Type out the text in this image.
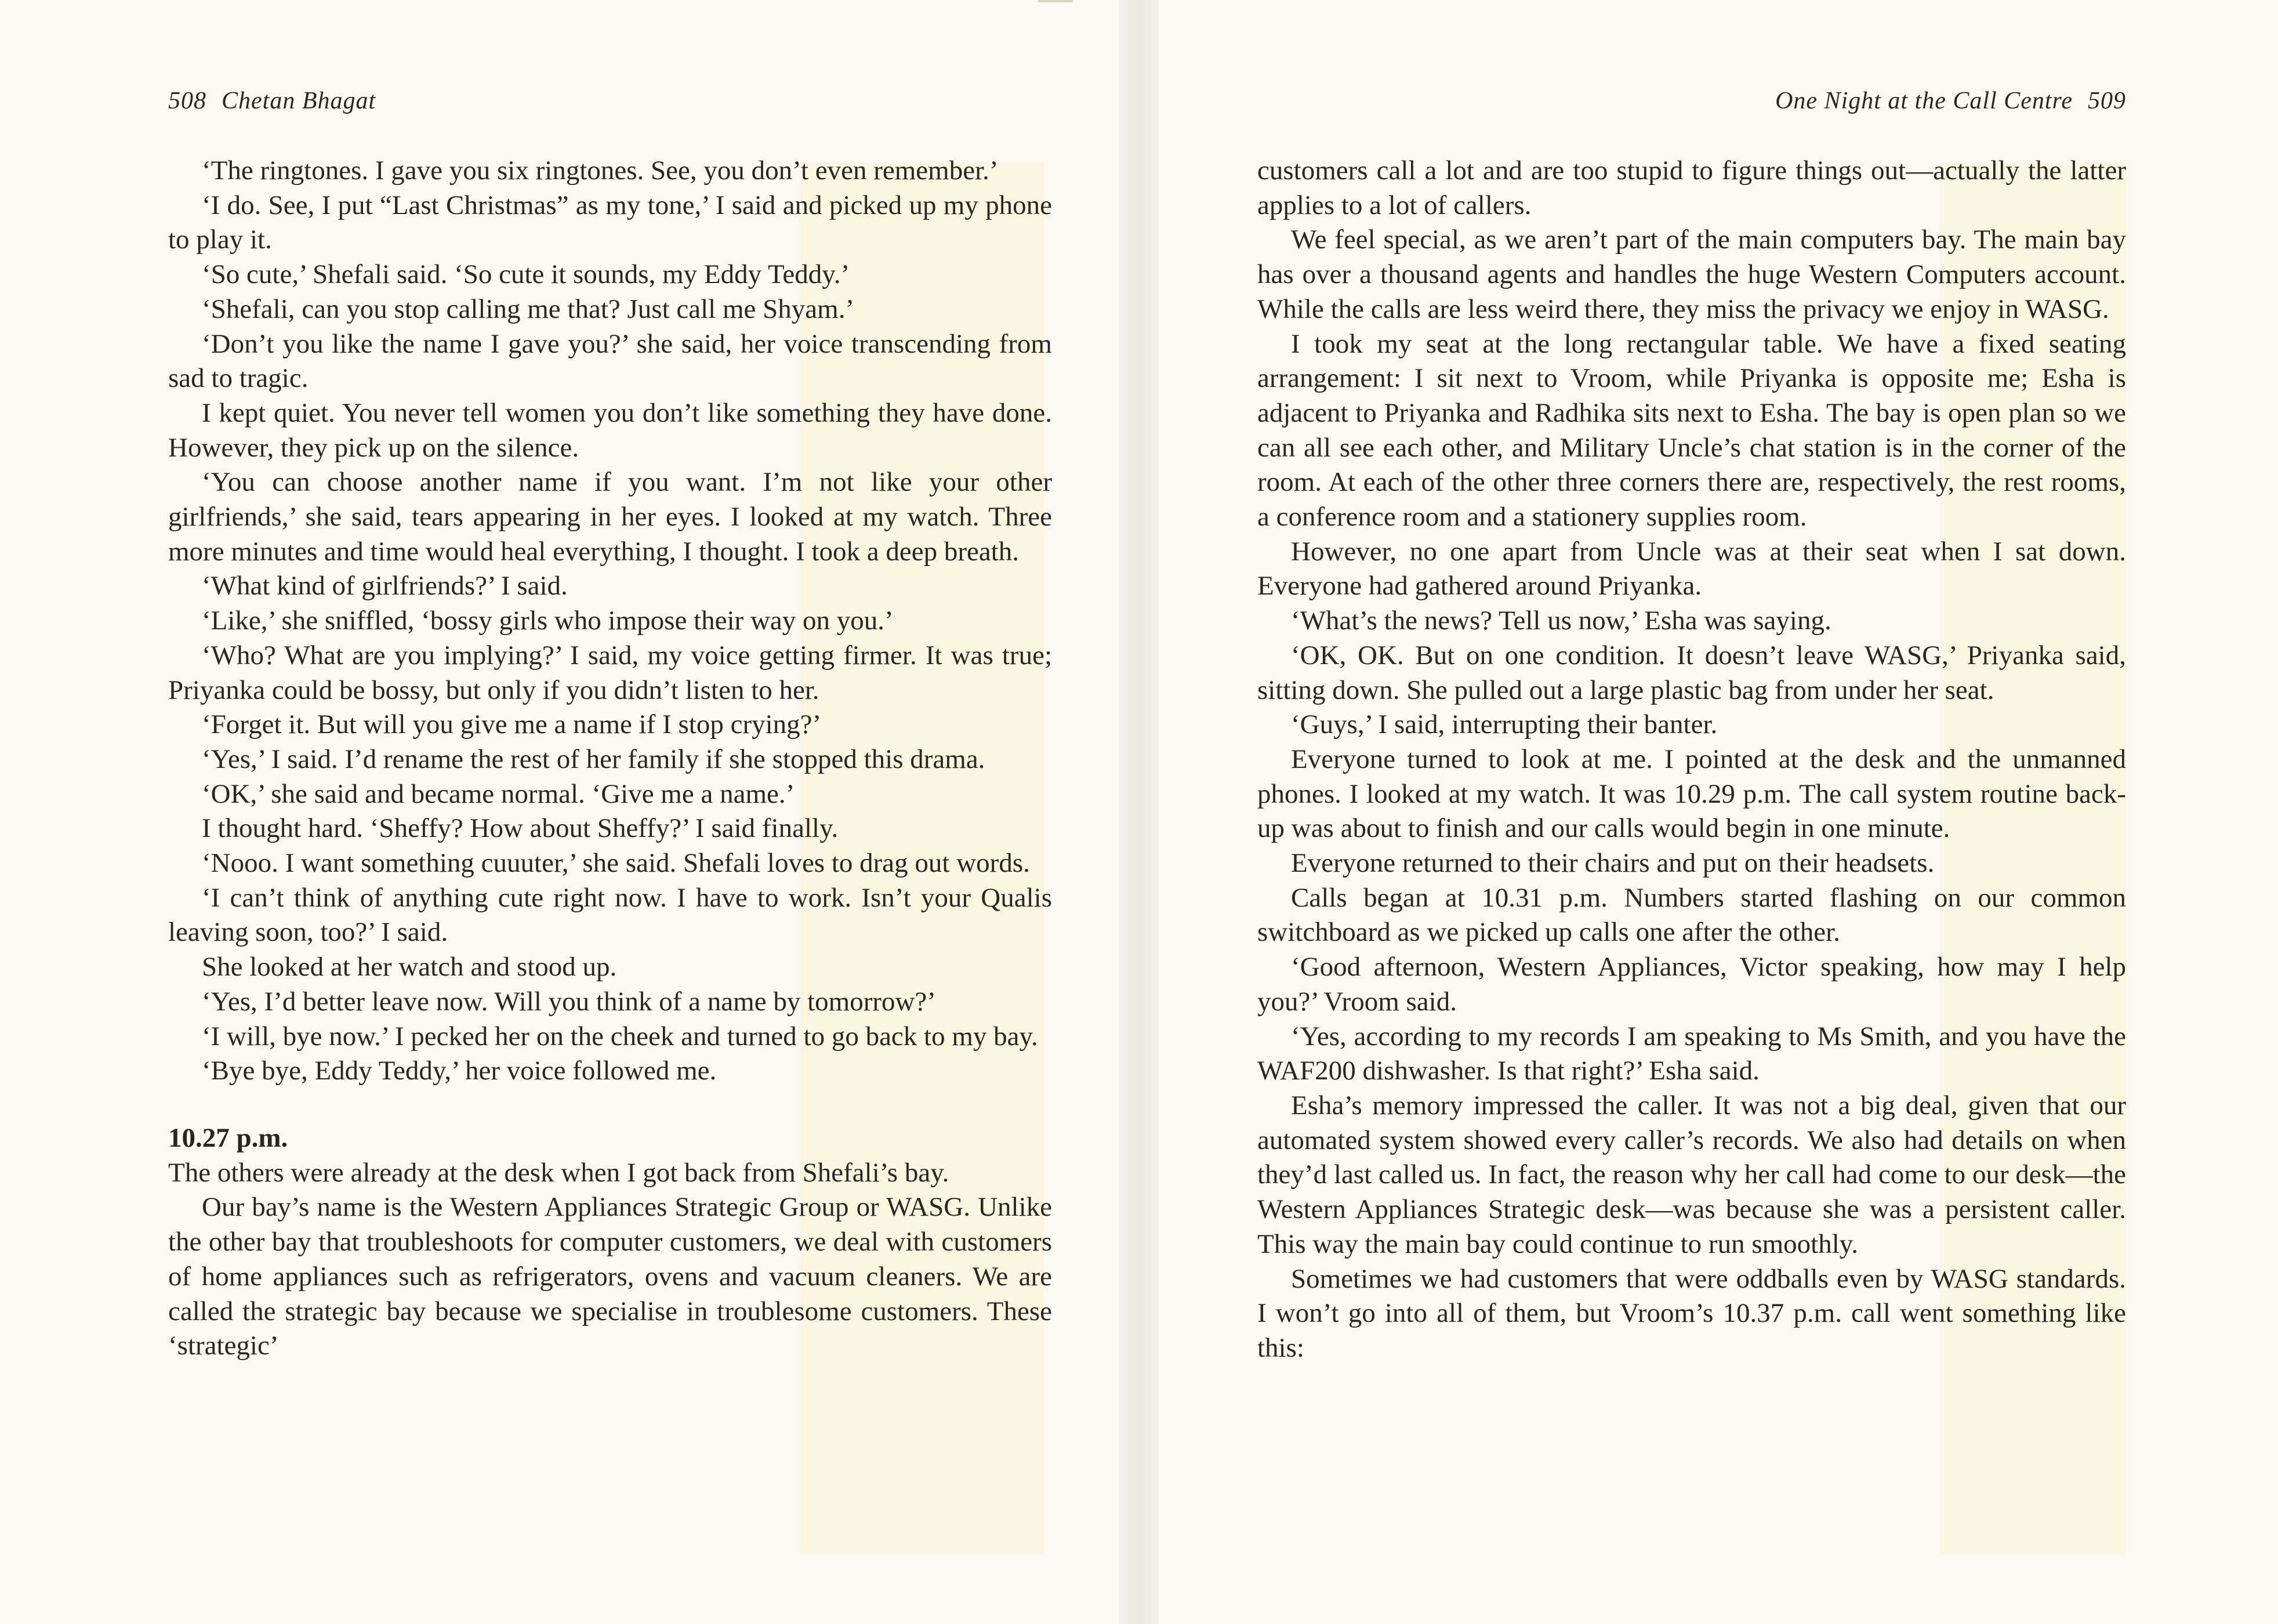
508 Chetan Bhagat

‘The ringtones. I gave you six ringtones. See, you don’t even remember.’

‘I do. See, I put “Last Christmas” as my tone,’ I said and picked up my phone to play it.

‘So cute,’ Shefali said. ‘So cute it sounds, my Eddy Teddy.’

‘Shefali, can you stop calling me that? Just call me Shyam.’

‘Don’t you like the name I gave you?’ she said, her voice transcending from sad to tragic.

I kept quiet. You never tell women you don’t like something they have done. However, they pick up on the silence.

‘You can choose another name if you want. I’m not like your other girlfriends,’ she said, tears appearing in her eyes. I looked at my watch. Three more minutes and time would heal everything, I thought. I took a deep breath.

‘What kind of girlfriends?’ I said.

‘Like,’ she sniffled, ‘bossy girls who impose their way on you.’

‘Who? What are you implying?’ I said, my voice getting firmer. It was true; Priyanka could be bossy, but only if you didn’t listen to her.

‘Forget it. But will you give me a name if I stop crying?’

‘Yes,’ I said. I’d rename the rest of her family if she stopped this drama.

‘OK,’ she said and became normal. ‘Give me a name.’

I thought hard. ‘Sheffy? How about Sheffy?’ I said finally.

‘Nooo. I want something cuuuter,’ she said. Shefali loves to drag out words.

‘I can’t think of anything cute right now. I have to work. Isn’t your Qualis leaving soon, too?’ I said.

She looked at her watch and stood up.

‘Yes, I’d better leave now. Will you think of a name by tomorrow?’

‘I will, bye now.’ I pecked her on the cheek and turned to go back to my bay.

‘Bye bye, Eddy Teddy,’ her voice followed me.

10.27 p.m.

The others were already at the desk when I got back from Shefali’s bay.

Our bay’s name is the Western Appliances Strategic Group or WASG. Unlike the other bay that troubleshoots for computer customers, we deal with customers of home appliances such as refrigerators, ovens and vacuum cleaners. We are called the strategic bay because we specialise in troublesome customers. These ‘strategic’

One Night at the Call Centre 509

customers call a lot and are too stupid to figure things out—actually the latter applies to a lot of callers.

We feel special, as we aren’t part of the main computers bay. The main bay has over a thousand agents and handles the huge Western Computers account. While the calls are less weird there, they miss the privacy we enjoy in WASG.

I took my seat at the long rectangular table. We have a fixed seating arrangement: I sit next to Vroom, while Priyanka is opposite me; Esha is adjacent to Priyanka and Radhika sits next to Esha. The bay is open plan so we can all see each other, and Military Uncle’s chat station is in the corner of the room. At each of the other three corners there are, respectively, the rest rooms, a conference room and a stationery supplies room.

However, no one apart from Uncle was at their seat when I sat down. Everyone had gathered around Priyanka.

‘What’s the news? Tell us now,’ Esha was saying.

‘OK, OK. But on one condition. It doesn’t leave WASG,’ Priyanka said, sitting down. She pulled out a large plastic bag from under her seat.

‘Guys,’ I said, interrupting their banter.

Everyone turned to look at me. I pointed at the desk and the unmanned phones. I looked at my watch. It was 10.29 p.m. The call system routine back-up was about to finish and our calls would begin in one minute.

Everyone returned to their chairs and put on their headsets.

Calls began at 10.31 p.m. Numbers started flashing on our common switchboard as we picked up calls one after the other.

‘Good afternoon, Western Appliances, Victor speaking, how may I help you?’ Vroom said.

‘Yes, according to my records I am speaking to Ms Smith, and you have the WAF200 dishwasher. Is that right?’ Esha said.

Esha’s memory impressed the caller. It was not a big deal, given that our automated system showed every caller’s records. We also had details on when they’d last called us. In fact, the reason why her call had come to our desk—the Western Appliances Strategic desk—was because she was a persistent caller. This way the main bay could continue to run smoothly.

Sometimes we had customers that were oddballs even by WASG standards. I won’t go into all of them, but Vroom’s 10.37 p.m. call went something like this:
